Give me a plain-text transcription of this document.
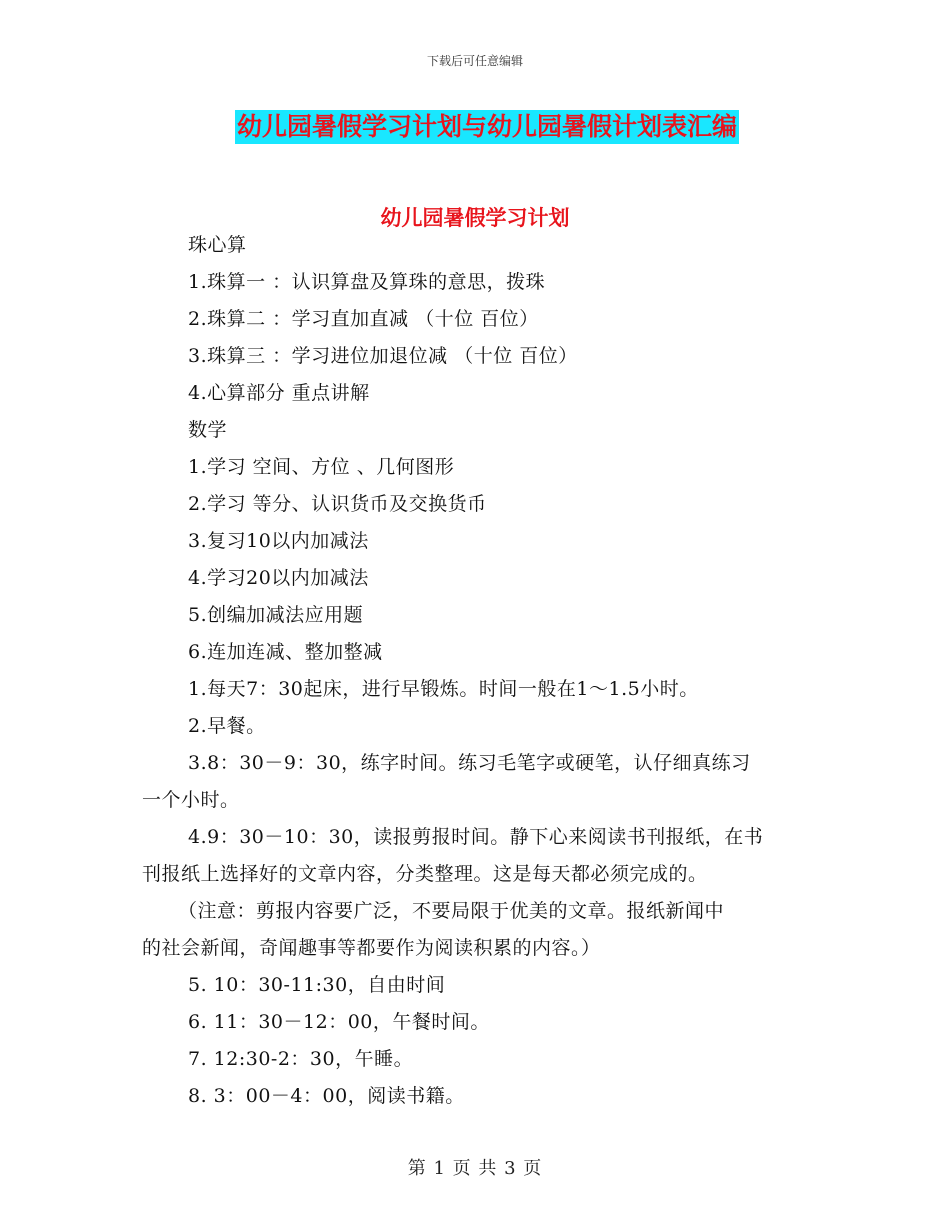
下载后可任意编辑
幼儿园暑假学习计划与幼儿园暑假计划表汇编
幼儿园暑假学习计划
珠心算
1.珠算一 ：认识算盘及算珠的意思，拨珠
2.珠算二 ：学习直加直减 （十位 百位）
3.珠算三 ：学习进位加退位减 （十位 百位）
4.心算部分 重点讲解
数学
1.学习 空间、方位 、几何图形
2.学习 等分、认识货币及交换货币
3.复习10以内加减法
4.学习20以内加减法
5.创编加减法应用题
6.连加连减、整加整减
1.每天7：30起床，进行早锻炼。时间一般在1～1.5小时。
2.早餐。
3.8：30－9：30，练字时间。练习毛笔字或硬笔，认仔细真练习
一个小时。
4.9：30－10：30，读报剪报时间。静下心来阅读书刊报纸，在书
刊报纸上选择好的文章内容，分类整理。这是每天都必须完成的。
（注意：剪报内容要广泛，不要局限于优美的文章。报纸新闻中
的社会新闻，奇闻趣事等都要作为阅读积累的内容。）
5. 10：30-11:30，自由时间
6. 11：30－12：00，午餐时间。
7. 12:30-2：30，午睡。
8. 3：00－4：00，阅读书籍。
第 1 页 共 3 页
